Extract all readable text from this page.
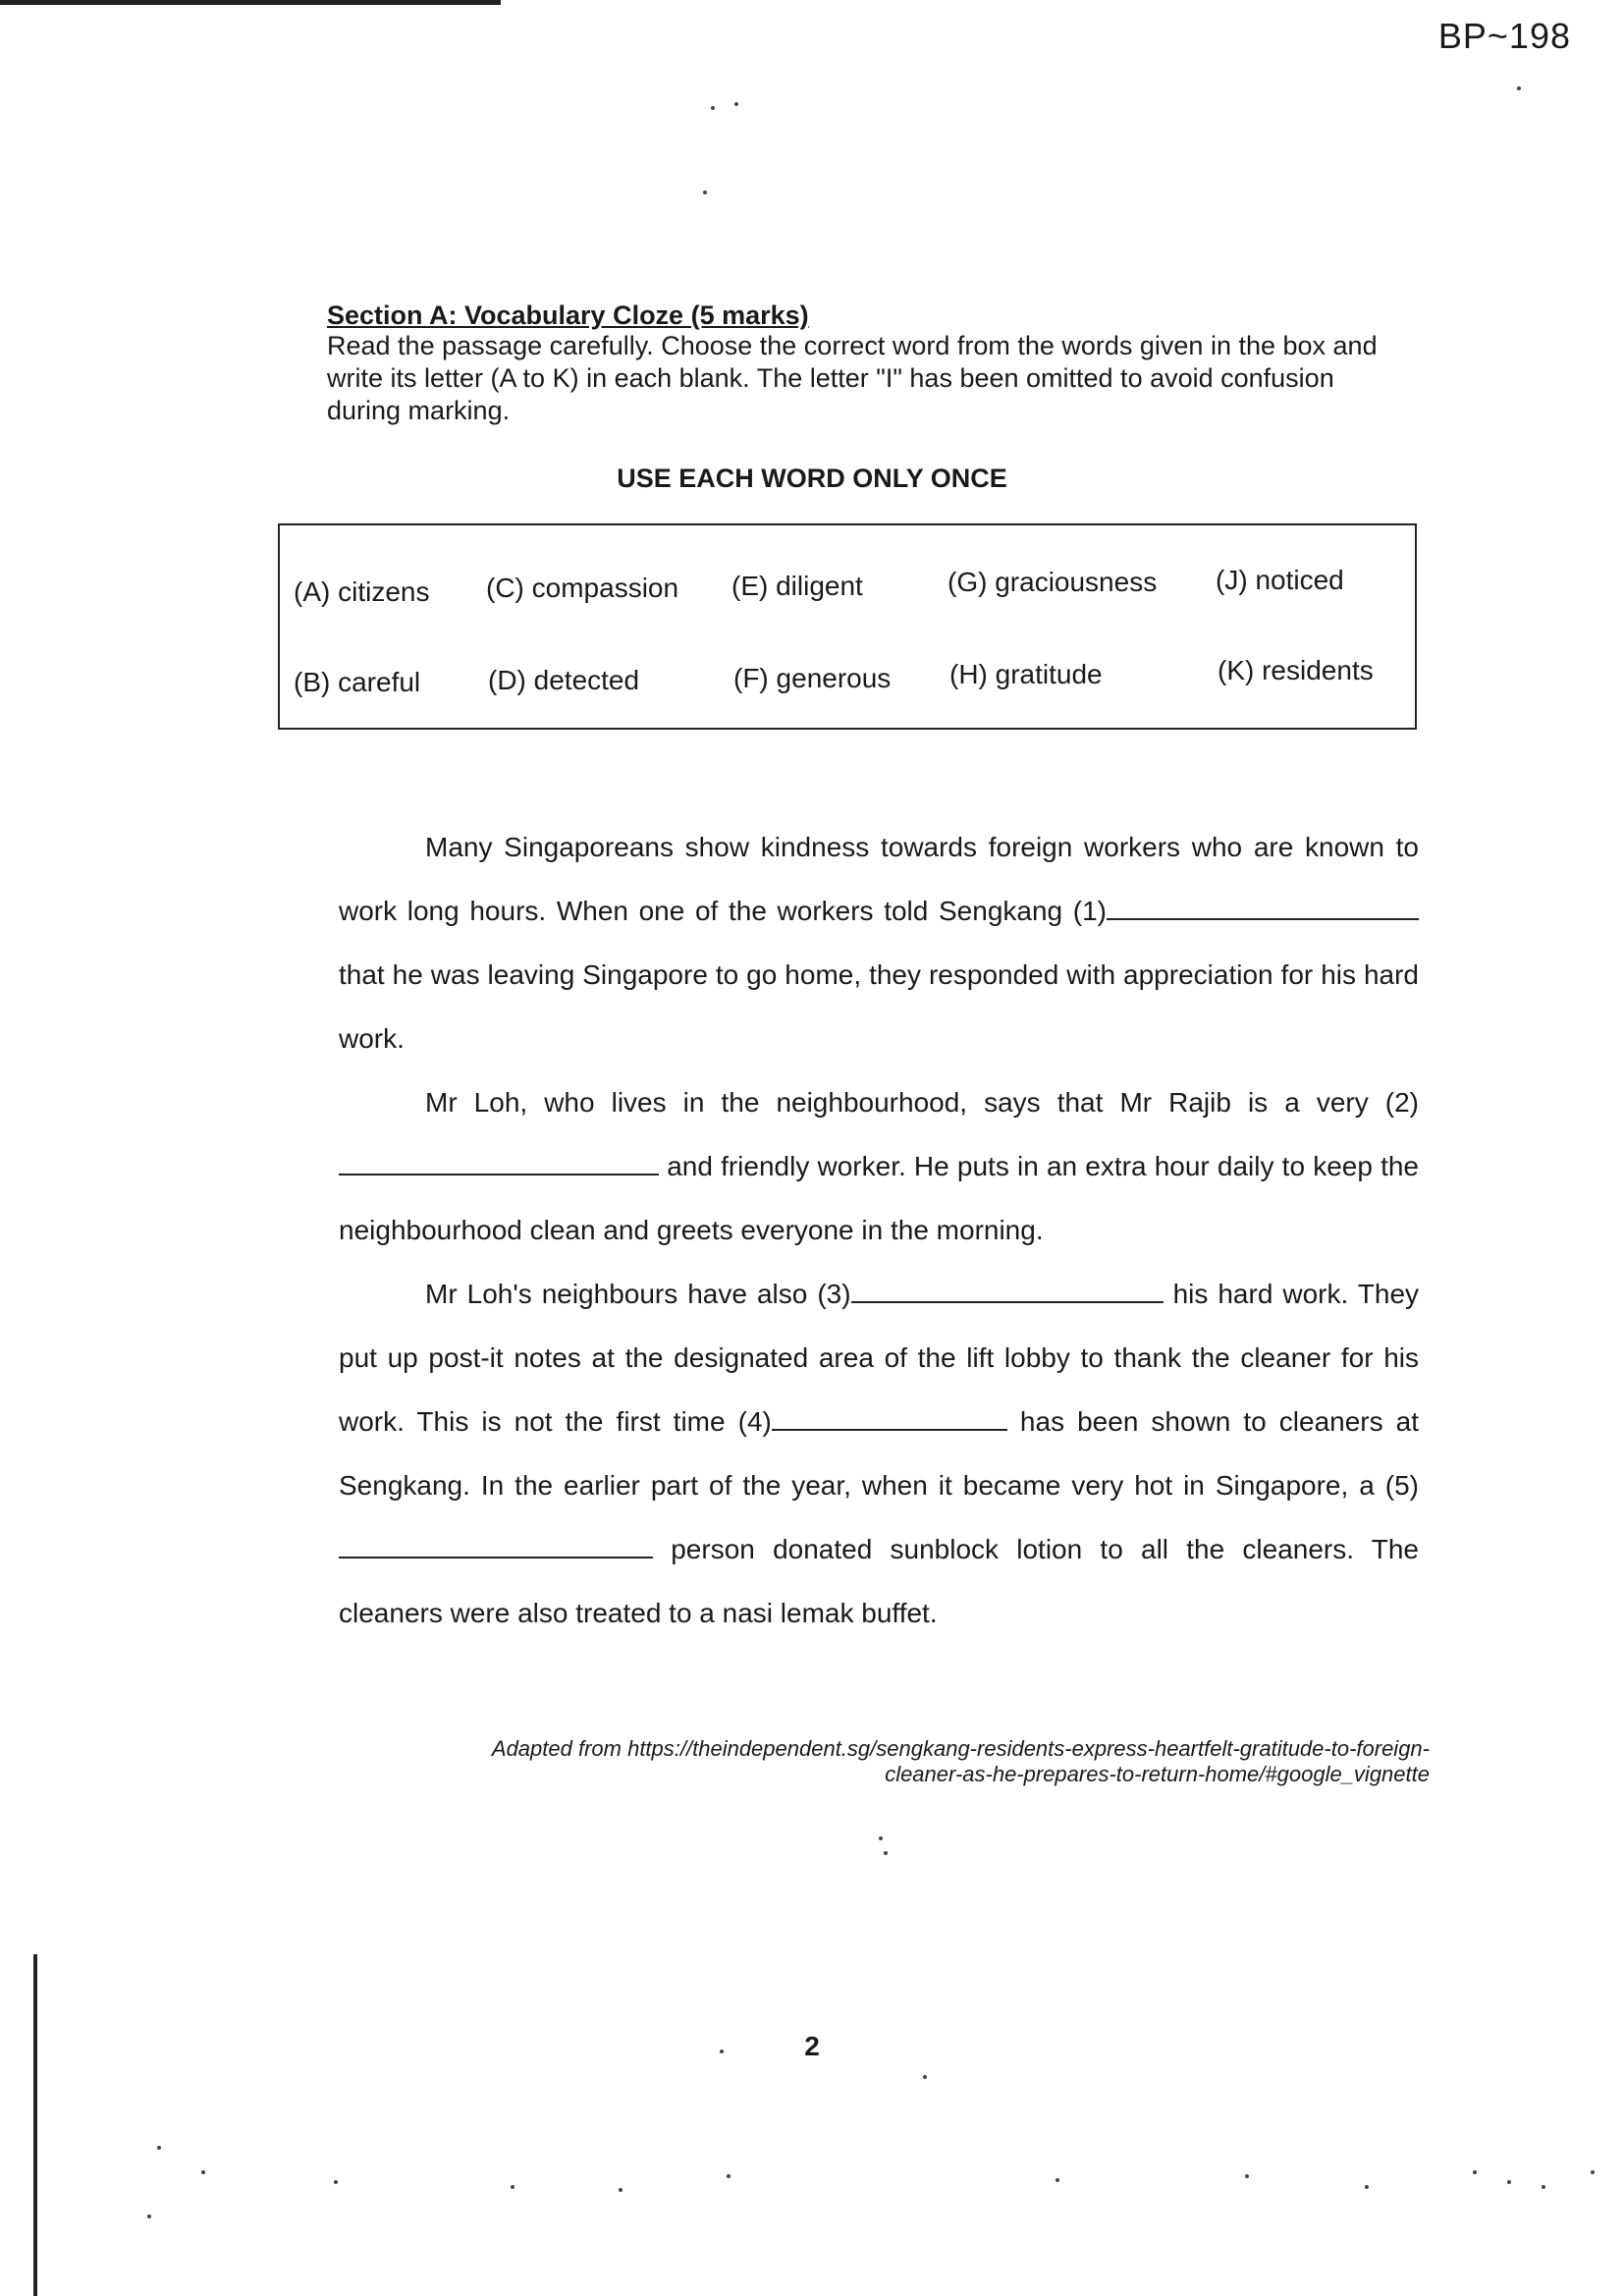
BP~198
Section A: Vocabulary Cloze (5 marks)
Read the passage carefully. Choose the correct word from the words given in the box and write its letter (A to K) in each blank. The letter "I" has been omitted to avoid confusion during marking.
USE EACH WORD ONLY ONCE
(A) citizens (C) compassion (E) diligent	(G) graciousness (J) noticed
(B) careful (D) detected	(F) generous (H) gratitude	(K) residents

Many Singaporeans show kindness towards foreign workers who are known to work long hours. When one of the workers told Sengkang (1) that he was leaving Singapore to go home, they responded with appreciation for his hard work.

Mr Loh, who lives in the neighbourhood, says that Mr Rajib is a very (2) and friendly worker. He puts in an extra hour daily to keep the neighbourhood clean and greets everyone in the morning.

Mr Loh's neighbours have also (3)	his hard work. They put up post-it notes at the designated area of the lift lobby to thank the cleaner for his work. This is not the first time (4)	has been shown to cleaners at Sengkang. In the earlier part of the year, when it became very hot in Singapore, a (5) person donated sunblock lotion to all the cleaners. The cleaners were also treated to a nasi lemak buffet.

Adapted from https://theindependent.sg/sengkang-residents-express-heartfelt-gratitude-to-foreign-
cleaner-as-he-prepares-to-return-home/#google_vignette
2
